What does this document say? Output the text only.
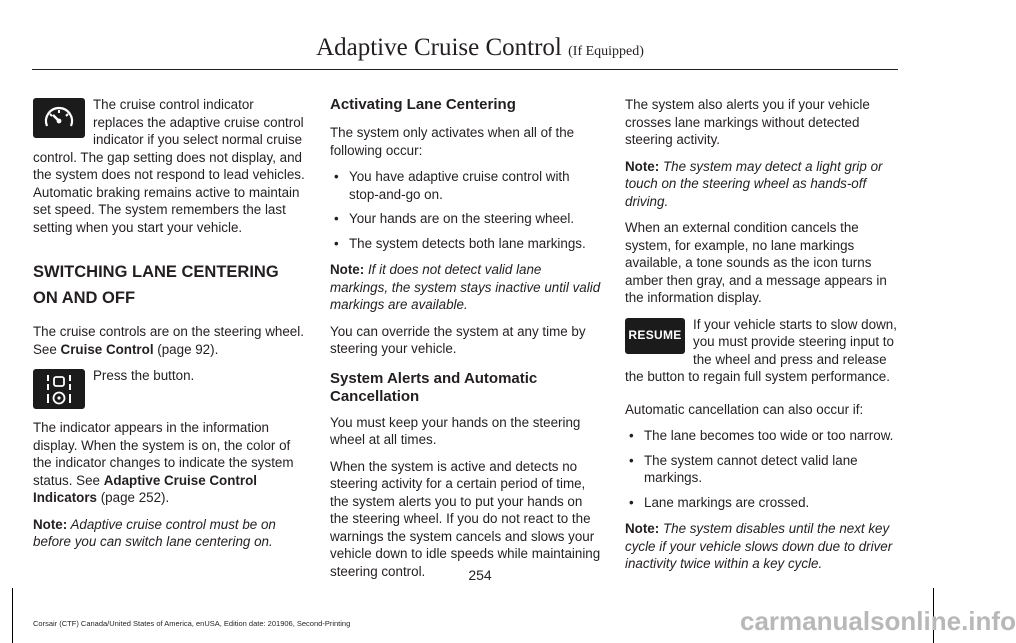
Adaptive Cruise Control (If Equipped)

The cruise control indicator replaces the adaptive cruise control indicator if you select normal cruise control. The gap setting does not display, and the system does not respond to lead vehicles. Automatic braking remains active to maintain set speed. The system remembers the last setting when you start your vehicle.

SWITCHING LANE CENTERING ON AND OFF

The cruise controls are on the steering wheel. See Cruise Control (page 92).

Press the button.

The indicator appears in the information display. When the system is on, the color of the indicator changes to indicate the system status. See Adaptive Cruise Control Indicators (page 252).

Note: Adaptive cruise control must be on before you can switch lane centering on.

Activating Lane Centering

The system only activates when all of the following occur:

• You have adaptive cruise control with stop-and-go on.
• Your hands are on the steering wheel.
• The system detects both lane markings.

Note: If it does not detect valid lane markings, the system stays inactive until valid markings are available.

You can override the system at any time by steering your vehicle.

System Alerts and Automatic Cancellation

You must keep your hands on the steering wheel at all times.

When the system is active and detects no steering activity for a certain period of time, the system alerts you to put your hands on the steering wheel. If you do not react to the warnings the system cancels and slows your vehicle down to idle speeds while maintaining steering control.

The system also alerts you if your vehicle crosses lane markings without detected steering activity.

Note: The system may detect a light grip or touch on the steering wheel as hands-off driving.

When an external condition cancels the system, for example, no lane markings available, a tone sounds as the icon turns amber then gray, and a message appears in the information display.

RESUME

If your vehicle starts to slow down, you must provide steering input to the wheel and press and release the button to regain full system performance.

Automatic cancellation can also occur if:

• The lane becomes too wide or too narrow.
• The system cannot detect valid lane markings.
• Lane markings are crossed.

Note: The system disables until the next key cycle if your vehicle slows down due to driver inactivity twice within a key cycle.

254
Corsair (CTF) Canada/United States of America, enUSA, Edition date: 201906, Second-Printing	carmanualsonline.info
